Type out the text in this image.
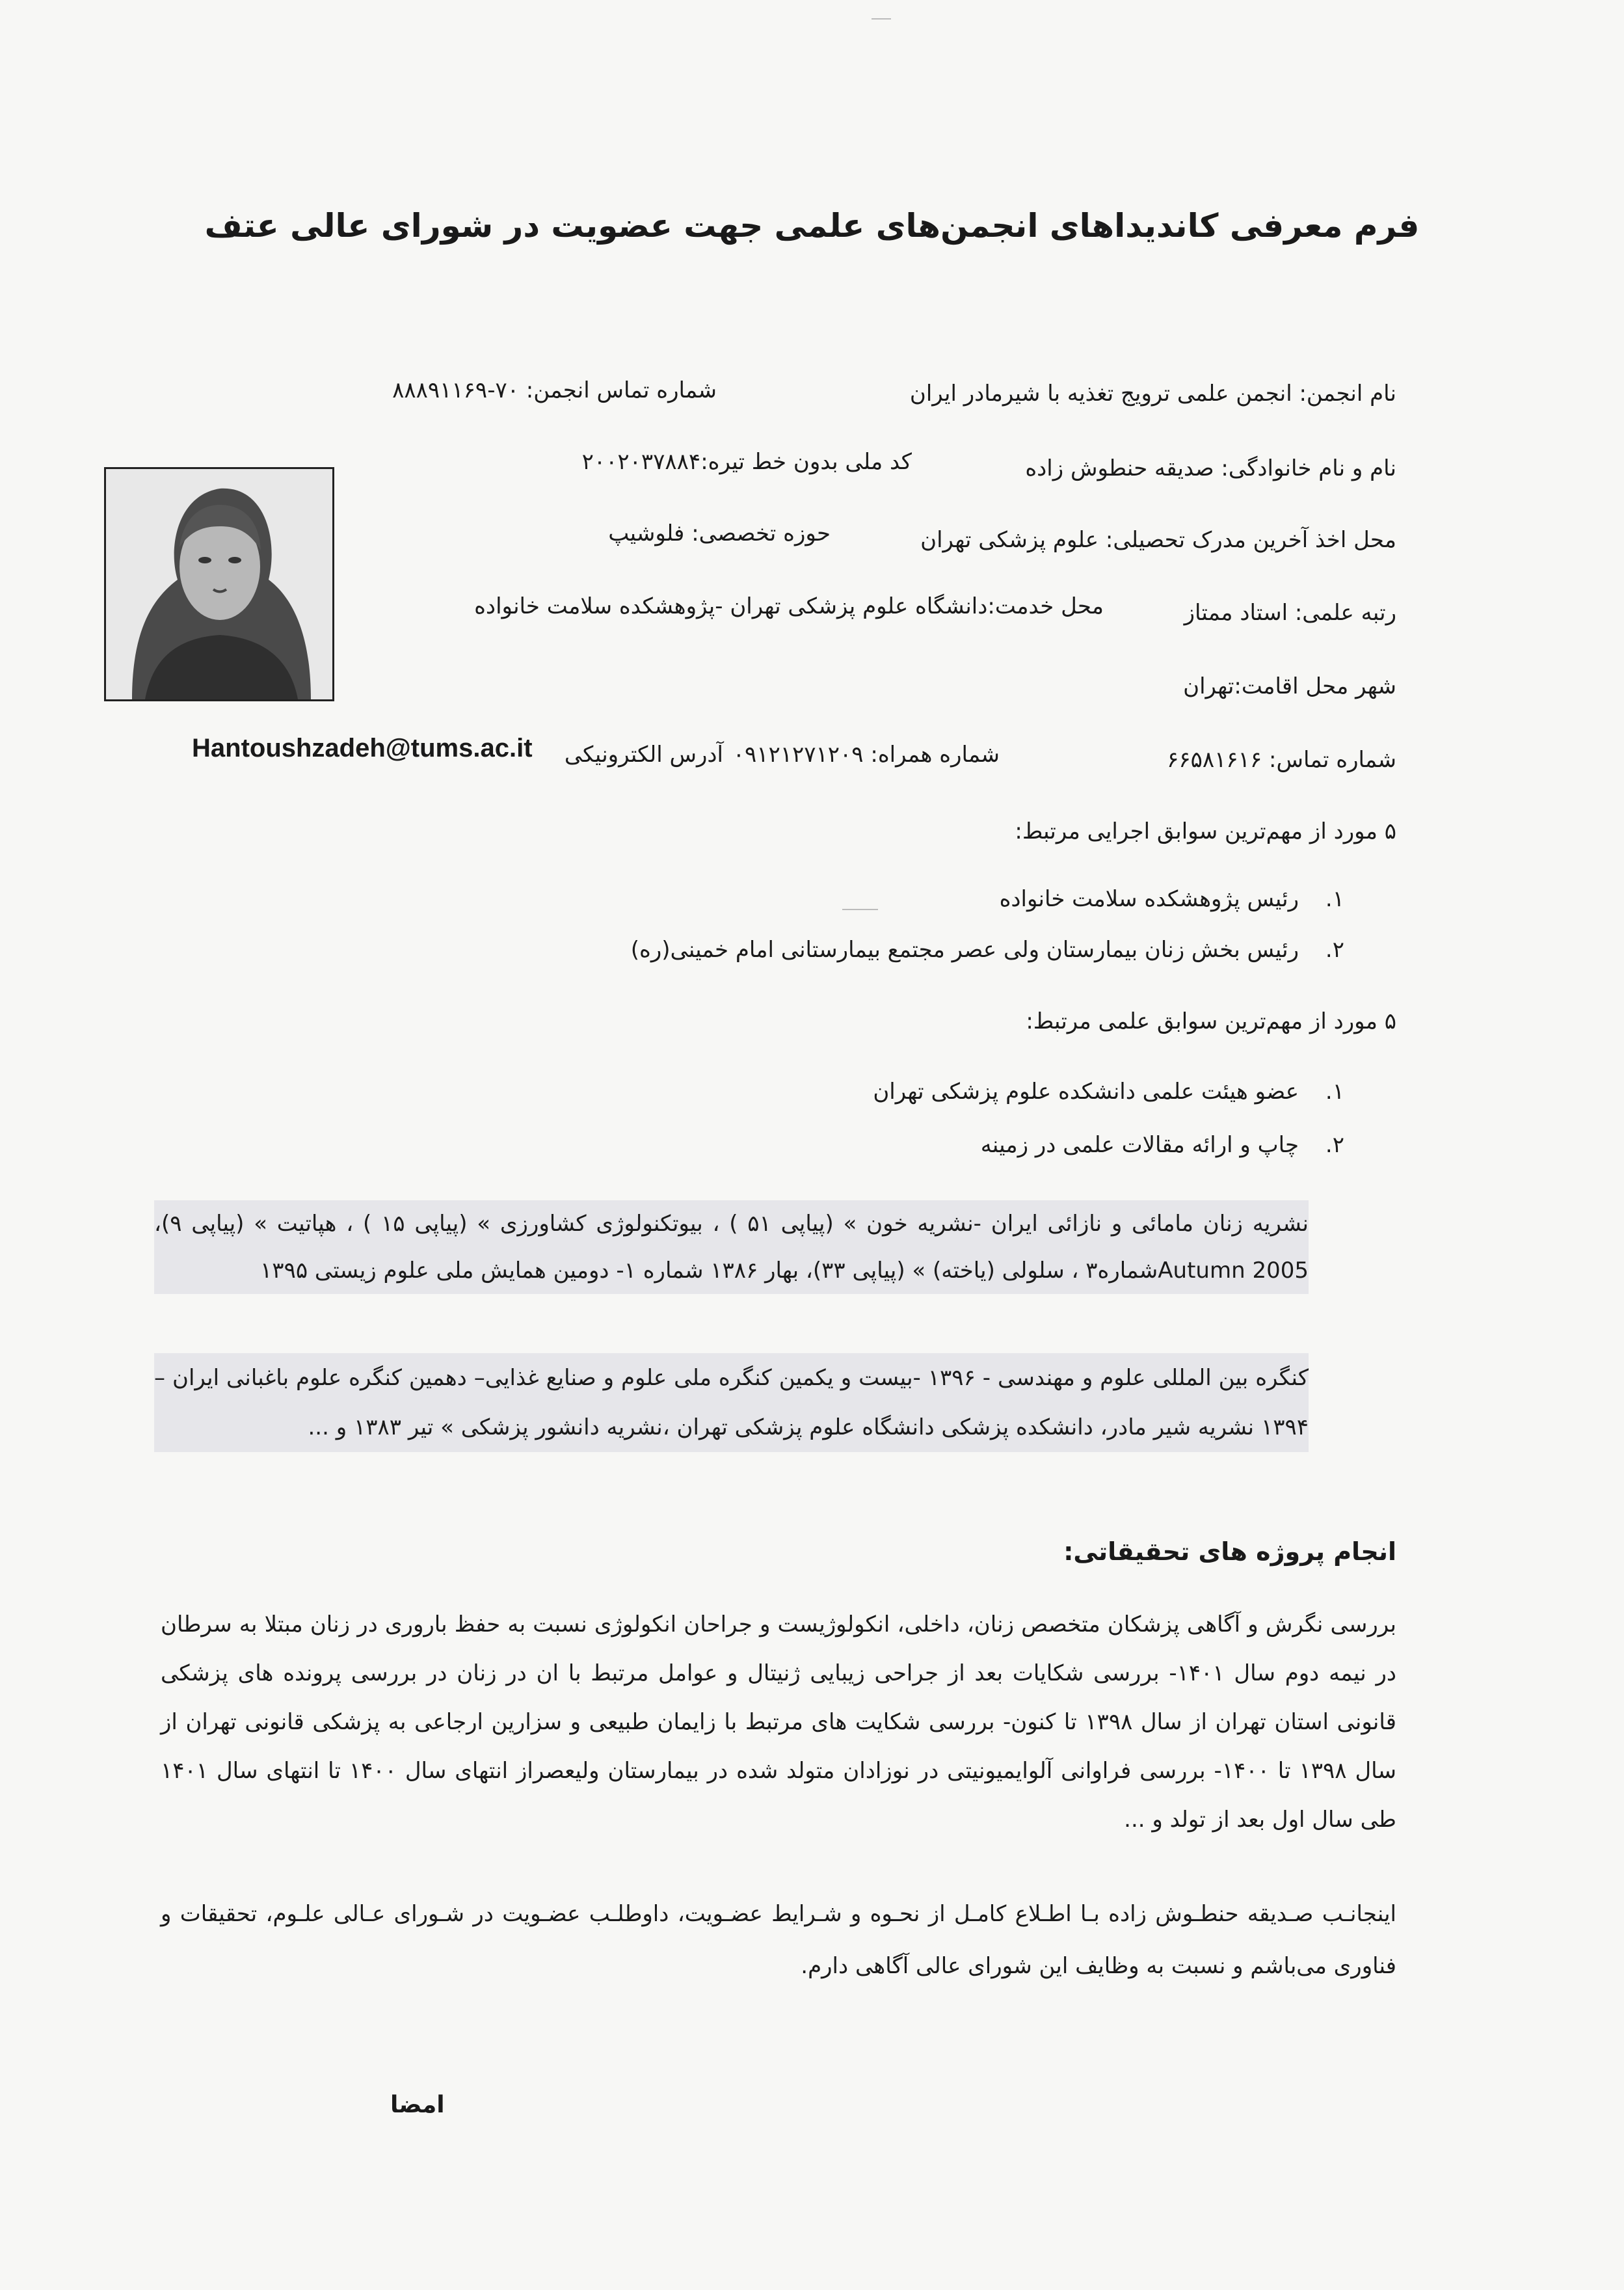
فرم معرفی کاندیداهای انجمن‌های علمی جهت عضویت در شورای عالی عتف
نام انجمن: انجمن علمی ترویج تغذیه با شیرمادر ایران
شماره تماس انجمن: ۷۰-۸۸۸۹۱۱۶۹
نام و نام خانوادگی: صدیقه حنطوش زاده
کد ملی بدون خط تیره:۲۰۰۲۰۳۷۸۸۴
محل اخذ آخرین مدرک تحصیلی: علوم پزشکی تهران
حوزه تخصصی: فلوشیپ
رتبه علمی: استاد ممتاز
محل خدمت:دانشگاه علوم پزشکی تهران -پژوهشکده سلامت خانواده
شهر محل اقامت:تهران
شماره تماس: ۶۶۵۸۱۶۱۶
شماره همراه: ۰۹۱۲۱۲۷۱۲۰۹
آدرس الکترونیکی
Hantoushzadeh@tums.ac.it
۵ مورد از مهم‌ترین سوابق اجرایی مرتبط:
۱.
رئیس پژوهشکده سلامت خانواده
۲.
رئیس بخش زنان بیمارستان ولی عصر مجتمع بیمارستانی امام خمینی(ره)
۵ مورد از مهم‌ترین سوابق علمی مرتبط:
۱.
عضو هیئت علمی دانشکده علوم پزشکی تهران
۲.
چاپ و ارائه مقالات علمی در زمینه
نشریه زنان مامائی و نازائی ایران -نشریه خون » (پیاپی ۵۱ ) ، بیوتکنولوژی کشاورزی » (پیاپی ۱۵ ) ، هپاتیت » (پیاپی ۹)، Autumn 2005شماره۳ ، سلولی (یاخته) » (پیاپی ۳۳)، بهار ۱۳۸۶ شماره ۱- دومین همایش ملی علوم زیستی ۱۳۹۵
کنگره بین المللی علوم و مهندسی - ۱۳۹۶ -بیست و یکمین کنگره ملی علوم و صنایع غذایی– دهمین کنگره علوم باغبانی ایران – ۱۳۹۴ نشریه شیر مادر، دانشکده پزشکی دانشگاه علوم پزشکی تهران ،نشریه دانشور پزشکی » تیر ۱۳۸۳ و ...
انجام پروژه های تحقیقاتی:
بررسی نگرش و آگاهی پزشکان متخصص زنان، داخلی، انکولوژیست و جراحان انکولوژی نسبت به حفظ باروری در زنان مبتلا به سرطان در نیمه دوم سال ۱۴۰۱- بررسی شکایات بعد از جراحی زیبایی ژنیتال و عوامل مرتبط با ان در زنان در بررسی پرونده های پزشکی قانونی استان تهران از سال ۱۳۹۸ تا کنون- بررسی شکایت های مرتبط با زایمان طبیعی و سزارین ارجاعی به پزشکی قانونی تهران از سال ۱۳۹۸ تا ۱۴۰۰- بررسی فراوانی آلوایمیونیتی در نوزادان متولد شده در بیمارستان ولیعصراز انتهای سال ۱۴۰۰ تا انتهای سال ۱۴۰۱ طی سال اول بعد از تولد و ...
اینجانـب صـدیقه حنطـوش زاده بـا اطـلاع کامـل از نحـوه و شـرایط عضـویت، داوطلـب عضـویت در شـورای عـالی علـوم، تحقیقات و فناوری می‌باشم و نسبت به وظایف این شورای عالی آگاهی دارم.
امضا
